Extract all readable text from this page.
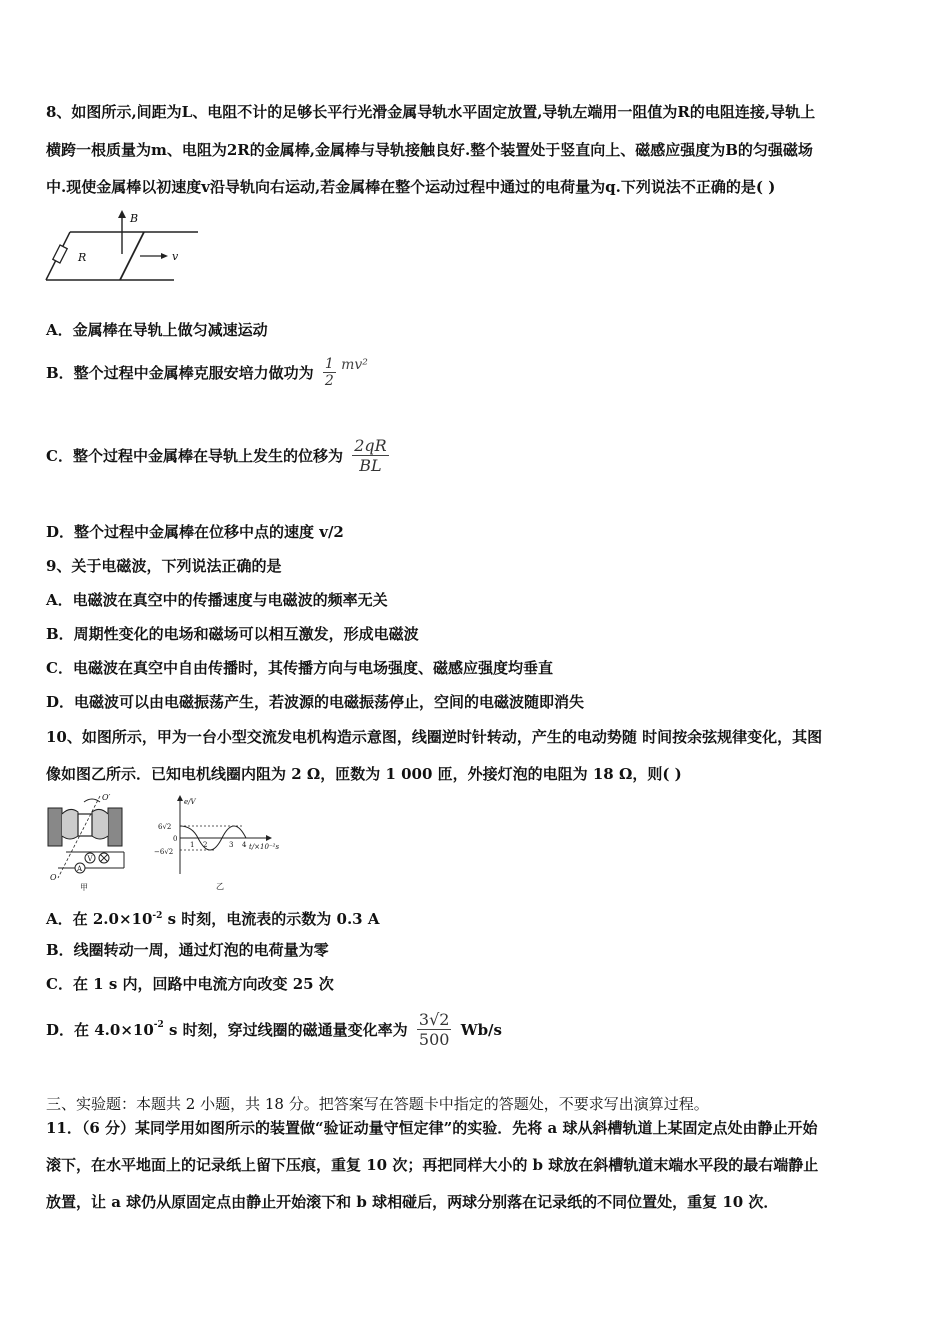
8、如图所示,间距为L、电阻不计的足够长平行光滑金属导轨水平固定放置,导轨左端用一阻值为R的电阻连接,导轨上
横跨一根质量为m、电阻为2R的金属棒,金属棒与导轨接触良好.整个装置处于竖直向上、磁感应强度为B的匀强磁场
中.现使金属棒以初速度v沿导轨向右运动,若金属棒在整个运动过程中通过的电荷量为q.下列说法不正确的是( )
B
R	v
A．金属棒在导轨上做匀减速运动
B．整个过程中金属棒克服安培力做功为 $\frac{1}{2} mv^2$
C．整个过程中金属棒在导轨上发生的位移为 $\frac{2qR}{BL}$
D．整个过程中金属棒在位移中点的速度 v/2
9、关于电磁波，下列说法正确的是
A．电磁波在真空中的传播速度与电磁波的频率无关
B．周期性变化的电场和磁场可以相互激发，形成电磁波
C．电磁波在真空中自由传播时，其传播方向与电场强度、磁感应强度均垂直
D．电磁波可以由电磁振荡产生，若波源的电磁振荡停止，空间的电磁波随即消失
10、如图所示，甲为一台小型交流发电机构造示意图，线圈逆时针转动，产生的电动势随 时间按余弦规律变化，其图
像如图乙所示．已知电机线圈内阻为 2 Ω，匝数为 1 000 匝，外接灯泡的电阻为 18 Ω，则( )
V
A
O′
O
甲
e/V
6√2
0
−6√2
1 2	3 4 t/×10⁻²s
乙
A．在 $2.0\times 10^{-2}$ s 时刻，电流表的示数为 0.3 A
B．线圈转动一周，通过灯泡的电荷量为零
C．在 1 s 内，回路中电流方向改变 25 次
D．在 $4.0\times 10^{-2}$ s 时刻，穿过线圈的磁通量变化率为 $\frac{3√2}{500} Wb/s$
三、实验题：本题共 2 小题，共 18 分。把答案写在答题卡中指定的答题处，不要求写出演算过程。
11．（6 分）某同学用如图所示的装置做“验证动量守恒定律”的实验．先将 a 球从斜槽轨道上某固定点处由静止开始
滚下，在水平地面上的记录纸上留下压痕，重复 10 次；再把同样大小的 b 球放在斜槽轨道末端水平段的最右端静止
放置，让 a 球仍从原固定点由静止开始滚下和 b 球相碰后，两球分别落在记录纸的不同位置处，重复 10 次．
